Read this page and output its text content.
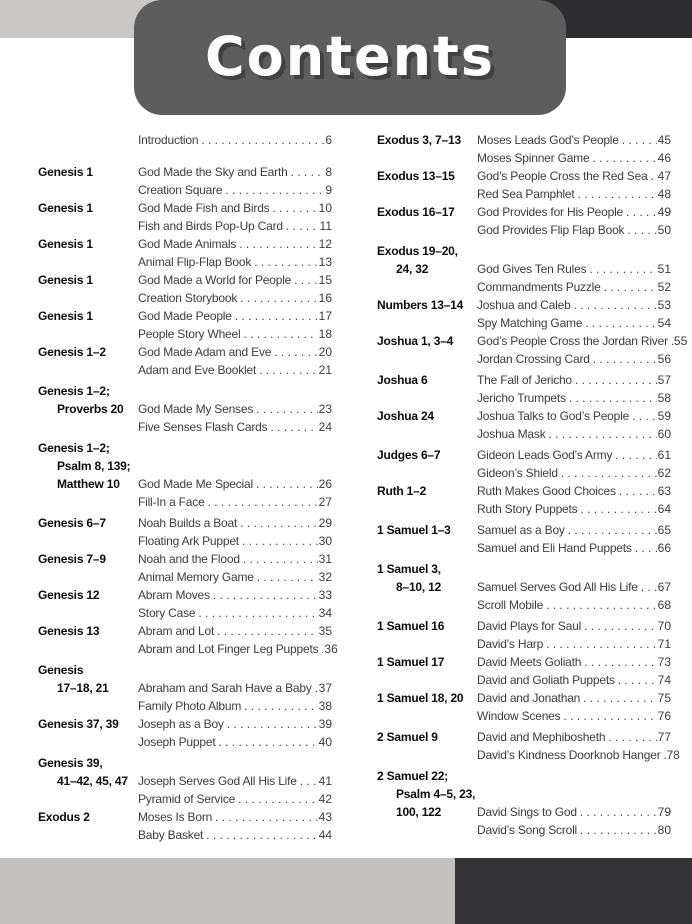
Contents
Introduction . . .	6
Genesis 1	God Made the Sky and Earth . . .	8
Creation Square . . .	9
Genesis 1	God Made Fish and Birds . . .	10
Fish and Birds Pop-Up Card . . .	11
Genesis 1	God Made Animals . . .	12
Animal Flip-Flap Book . . .	13
Genesis 1	God Made a World for People . . . 15
Creation Storybook . . .	16
Genesis 1	God Made People . . .	17
People Story Wheel . . .	18
Genesis 1–2	God Made Adam and Eve . . .	20
Adam and Eve Booklet . . .	21
Genesis 1–2;
Proverbs 20	God Made My Senses . . .	23
Five Senses Flash Cards . . .	24
Genesis 1–2;
Psalm 8, 139;
Matthew 10	God Made Me Special . . .	26
Fill-In a Face . . .	27
Genesis 6–7	Noah Builds a Boat . . .	29
Floating Ark Puppet . . .	30
Genesis 7–9	Noah and the Flood . . .	31
Animal Memory Game . . .	32
Genesis 12	Abram Moves . . .	33
Story Case . . .	34
Genesis 13	Abram and Lot . . .	35
Abram and Lot Finger Leg Puppets . . . 36
Genesis
17–18, 21	Abraham and Sarah Have a Baby . . . 37
Family Photo Album . . .	38
Genesis 37, 39	Joseph as a Boy . . .	39
Joseph Puppet . . .	40
Genesis 39,
41–42, 45, 47 Joseph Serves God All His Life . . . 41
Pyramid of Service . . .	42
Exodus 2	Moses Is Born . . .	43
Baby Basket . . .	44
Exodus 3, 7–13	Moses Leads God’s People . . .	45
Moses Spinner Game . . .	46
Exodus 13–15	God’s People Cross the Red Sea . . . 47
Red Sea Pamphlet . . .	48
Exodus 16–17	God Provides for His People . . .	49
God Provides Flip Flap Book . . .	50
Exodus 19–20,
24, 32	God Gives Ten Rules . . .	51
Commandments Puzzle . . .	52
Numbers 13–14	Joshua and Caleb . . .	53
Spy Matching Game . . .	54
Joshua 1, 3–4	God’s People Cross the Jordan River . . . 55
Jordan Crossing Card . . .	56
Joshua 6	The Fall of Jericho . . .	57
Jericho Trumpets . . .	58
Joshua 24	Joshua Talks to God’s People . . . 59
Joshua Mask . . .	60
Judges 6–7	Gideon Leads God’s Army . . .	61
Gideon’s Shield . . .	62
Ruth 1–2	Ruth Makes Good Choices . . .	63
Ruth Story Puppets . . .	64
1 Samuel 1–3	Samuel as a Boy . . .	65
Samuel and Eli Hand Puppets . . . 66
1 Samuel 3,
8–10, 12	Samuel Serves God All His Life . . . 67
Scroll Mobile . . .	68
1 Samuel 16	David Plays for Saul . . .	70
David’s Harp . . .	71
1 Samuel 17	David Meets Goliath . . .	73
David and Goliath Puppets . . .	74
1 Samuel 18, 20	David and Jonathan . . .	75
Window Scenes . . .	76
2 Samuel 9	David and Mephibosheth . . .	77
David’s Kindness Doorknob Hanger . . . 78
2 Samuel 22;
Psalm 4–5, 23,
100, 122	David Sings to God . . .	79
David’s Song Scroll . . .	80
